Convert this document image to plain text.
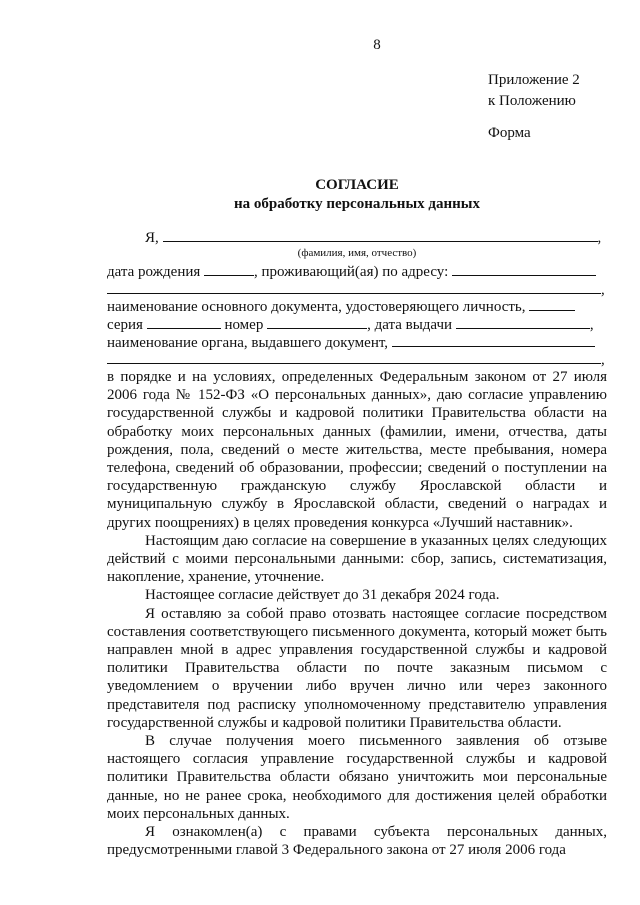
8
Приложение 2
к Положению
Форма
СОГЛАСИЕ
на обработку персональных данных
Я,	,
(фамилия, имя, отчество)
дата рождения	, проживающий(ая) по адресу:
,
наименование основного документа, удостоверяющего личность,
серия	номер	, дата выдачи	,
наименование органа, выдавшего документ,
,

в порядке и на условиях, определенных Федеральным законом от 27 июля 2006 года № 152-ФЗ «О персональных данных», даю согласие управлению государственной службы и кадровой политики Правительства области на обработку моих персональных данных (фамилии, имени, отчества, даты рождения, пола, сведений о месте жительства, месте пребывания, номера телефона, сведений об образовании, профессии; сведений о поступлении на государственную гражданскую службу Ярославской области и муниципальную службу в Ярославской области, сведений о наградах и других поощрениях) в целях проведения конкурса «Лучший наставник».

Настоящим даю согласие на совершение в указанных целях следующих действий с моими персональными данными: сбор, запись, систематизация, накопление, хранение, уточнение.

Настоящее согласие действует до 31 декабря 2024 года.

Я оставляю за собой право отозвать настоящее согласие посредством составления соответствующего письменного документа, который может быть направлен мной в адрес управления государственной службы и кадровой политики Правительства области по почте заказным письмом с уведомлением о вручении либо вручен лично или через законного представителя под расписку уполномоченному представителю управления государственной службы и кадровой политики Правительства области.

В случае получения моего письменного заявления об отзыве настоящего согласия управление государственной службы и кадровой политики Правительства области обязано уничтожить мои персональные данные, но не ранее срока, необходимого для достижения целей обработки моих персональных данных.

Я ознакомлен(а) с правами субъекта персональных данных, предусмотренными главой 3 Федерального закона от 27 июля 2006 года
